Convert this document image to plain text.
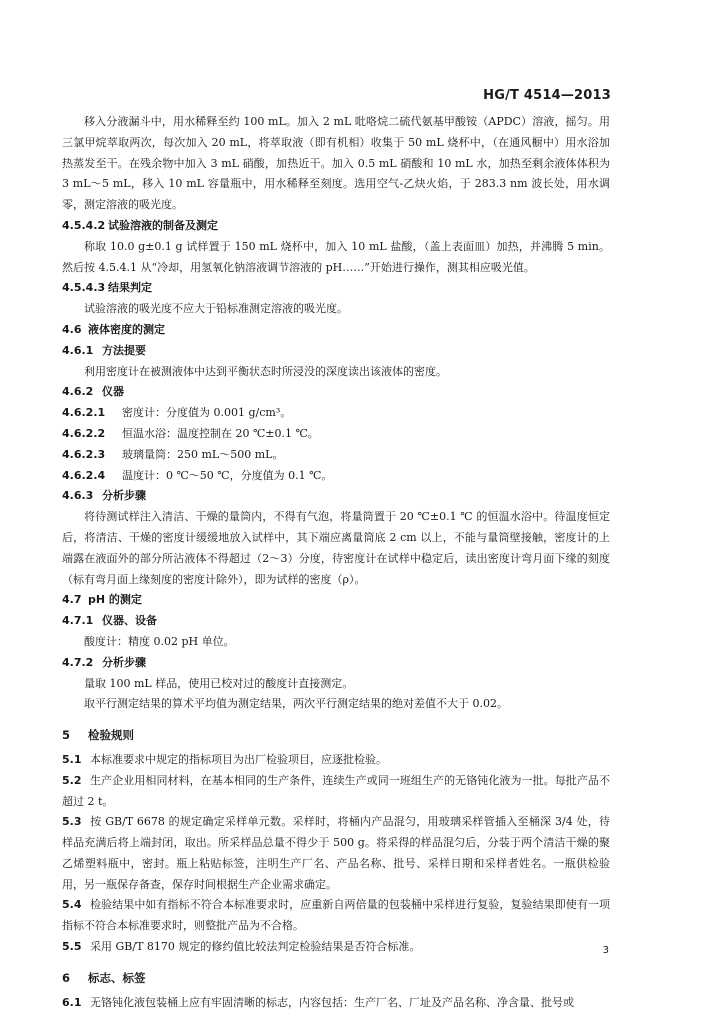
HG/T 4514—2013

移入分液漏斗中，用水稀释至约 100 mL。加入 2 mL 吡咯烷二硫代氨基甲酸铵（APDC）溶液，摇匀。用三氯甲烷萃取两次，每次加入 20 mL，将萃取液（即有机相）收集于 50 mL 烧杯中，（在通风橱中）用水浴加热蒸发至干。在残余物中加入 3 mL 硝酸，加热近干。加入 0.5 mL 硝酸和 10 mL 水，加热至剩余液体体积为 3 mL～5 mL，移入 10 mL 容量瓶中，用水稀释至刻度。选用空气-乙炔火焰，于 283.3 nm 波长处，用水调零，测定溶液的吸光度。

4.5.4.2 试验溶液的制备及测定

称取 10.0 g±0.1 g 试样置于 150 mL 烧杯中，加入 10 mL 盐酸，（盖上表面皿）加热，并沸腾 5 min。然后按 4.5.4.1 从“冷却，用氢氧化钠溶液调节溶液的 pH……”开始进行操作，测其相应吸光值。

4.5.4.3 结果判定

试验溶液的吸光度不应大于铅标准测定溶液的吸光度。

4.6 液体密度的测定
4.6.1 方法提要

利用密度计在被测液体中达到平衡状态时所浸没的深度读出该液体的密度。

4.6.2 仪器
4.6.2.1 密度计：分度值为 0.001 g/cm³。
4.6.2.2 恒温水浴：温度控制在 20 ℃±0.1 ℃。
4.6.2.3 玻璃量筒：250 mL～500 mL。
4.6.2.4 温度计：0 ℃～50 ℃，分度值为 0.1 ℃。
4.6.3 分析步骤

将待测试样注入清洁、干燥的量筒内，不得有气泡，将量筒置于 20 ℃±0.1 ℃ 的恒温水浴中。待温度恒定后，将清洁、干燥的密度计缓缓地放入试样中，其下端应离量筒底 2 cm 以上，不能与量筒壁接触，密度计的上端露在液面外的部分所沾液体不得超过（2～3）分度，待密度计在试样中稳定后，读出密度计弯月面下缘的刻度（标有弯月面上缘刻度的密度计除外），即为试样的密度（ρ）。

4.7 pH 的测定
4.7.1 仪器、设备

酸度计：精度 0.02 pH 单位。

4.7.2 分析步骤

量取 100 mL 样品，使用已校对过的酸度计直接测定。

取平行测定结果的算术平均值为测定结果，两次平行测定结果的绝对差值不大于 0.02。

5 检验规则

5.1 本标准要求中规定的指标项目为出厂检验项目，应逐批检验。

5.2 生产企业用相同材料，在基本相同的生产条件，连续生产或同一班组生产的无铬钝化液为一批。每批产品不超过 2 t。

5.3 按 GB/T 6678 的规定确定采样单元数。采样时，将桶内产品混匀，用玻璃采样管插入至桶深 3/4 处，待样品充满后将上端封闭，取出。所采样品总量不得少于 500 g。将采得的样品混匀后，分装于两个清洁干燥的聚乙烯塑料瓶中，密封。瓶上粘贴标签，注明生产厂名、产品名称、批号、采样日期和采样者姓名。一瓶供检验用，另一瓶保存备查，保存时间根据生产企业需求确定。

5.4 检验结果中如有指标不符合本标准要求时，应重新自两倍量的包装桶中采样进行复验，复验结果即使有一项指标不符合本标准要求时，则整批产品为不合格。

5.5 采用 GB/T 8170 规定的修约值比较法判定检验结果是否符合标准。

6 标志、标签

6.1 无铬钝化液包装桶上应有牢固清晰的标志，内容包括：生产厂名、厂址及产品名称、净含量、批号或

3
